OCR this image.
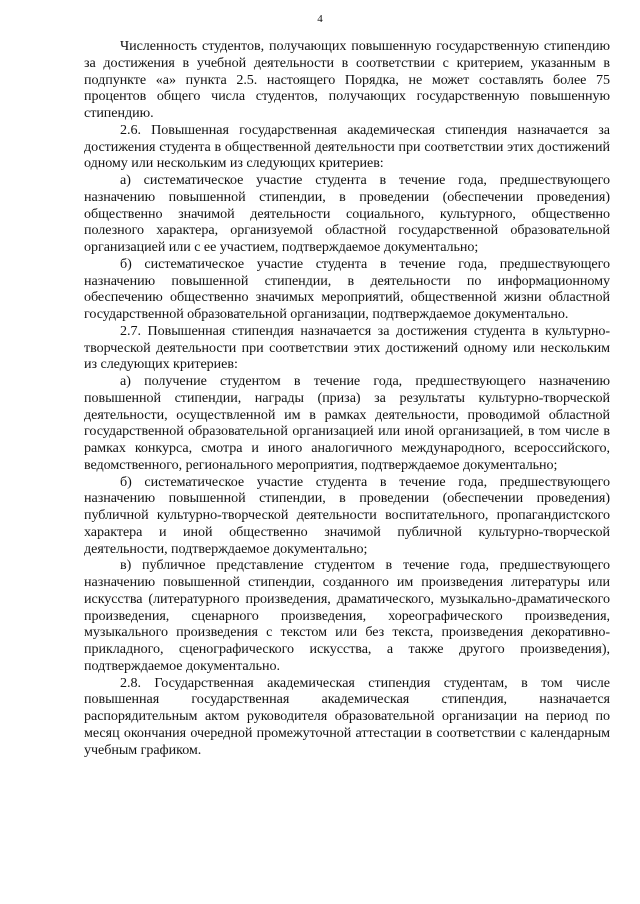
4

Численность студентов, получающих повышенную государственную стипендию за достижения в учебной деятельности в соответствии с критерием, указанным в подпункте «а» пункта 2.5. настоящего Порядка, не может составлять более 75 процентов общего числа студентов, получающих государственную повышенную стипендию.

2.6. Повышенная государственная академическая стипендия назначается за достижения студента в общественной деятельности при соответствии этих достижений одному или нескольким из следующих критериев:

а) систематическое участие студента в течение года, предшествующего назначению повышенной стипендии, в проведении (обеспечении проведения) общественно значимой деятельности социального, культурного, общественно полезного характера, организуемой областной государственной образовательной организацией или с ее участием, подтверждаемое документально;

б) систематическое участие студента в течение года, предшествующего назначению повышенной стипендии, в деятельности по информационному обеспечению общественно значимых мероприятий, общественной жизни областной государственной образовательной организации, подтверждаемое документально.

2.7. Повышенная стипендия назначается за достижения студента в культурно-творческой деятельности при соответствии этих достижений одному или нескольким из следующих критериев:

а) получение студентом в течение года, предшествующего назначению повышенной стипендии, награды (приза) за результаты культурно-творческой деятельности, осуществленной им в рамках деятельности, проводимой областной государственной образовательной организацией или иной организацией, в том числе в рамках конкурса, смотра и иного аналогичного международного, всероссийского, ведомственного, регионального мероприятия, подтверждаемое документально;

б) систематическое участие студента в течение года, предшествующего назначению повышенной стипендии, в проведении (обеспечении проведения) публичной культурно-творческой деятельности воспитательного, пропагандистского характера и иной общественно значимой публичной культурно-творческой деятельности, подтверждаемое документально;

в) публичное представление студентом в течение года, предшествующего назначению повышенной стипендии, созданного им произведения литературы или искусства (литературного произведения, драматического, музыкально-драматического произведения, сценарного произведения, хореографического произведения, музыкального произведения с текстом или без текста, произведения декоративно-прикладного, сценографического искусства, а также другого произведения), подтверждаемое документально.

2.8. Государственная академическая стипендия студентам, в том числе повышенная государственная академическая стипендия, назначается распорядительным актом руководителя образовательной организации на период по месяц окончания очередной промежуточной аттестации в соответствии с календарным учебным графиком.
